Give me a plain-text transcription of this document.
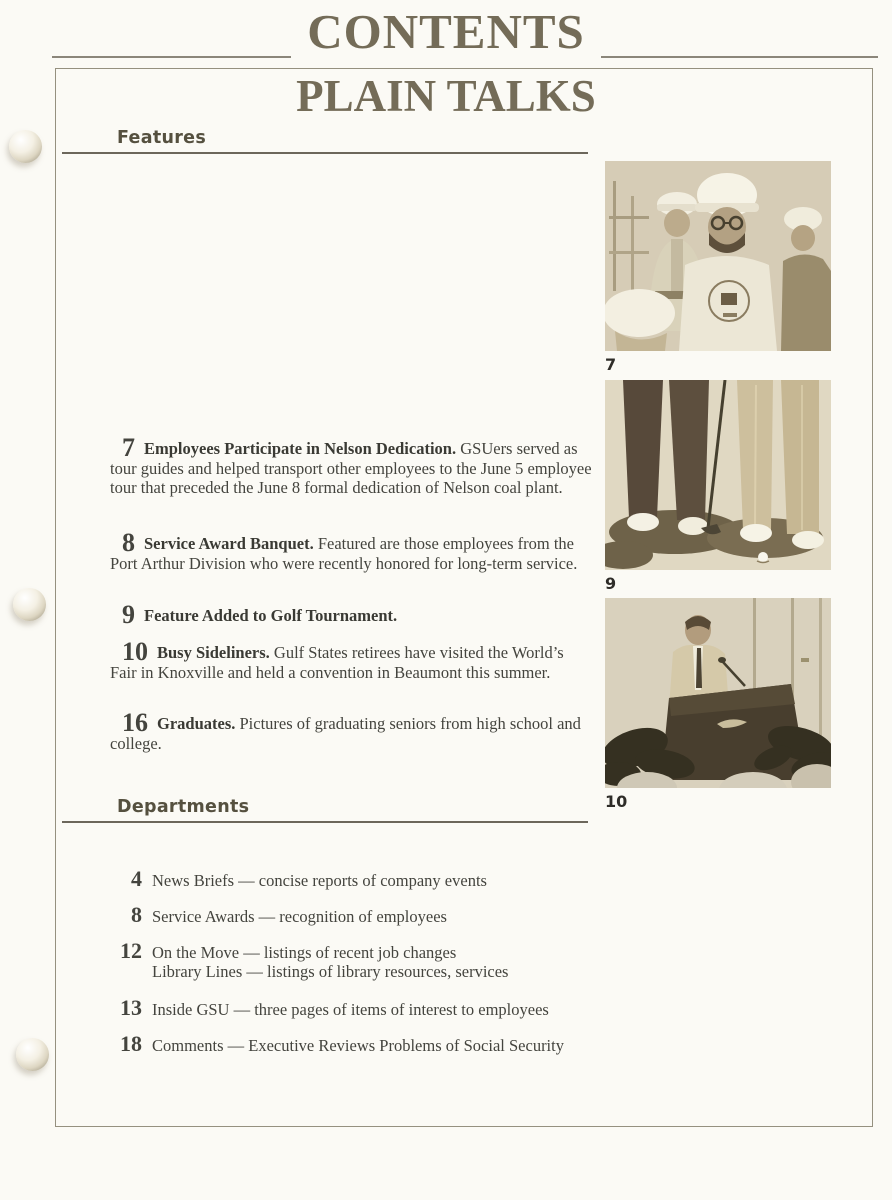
CONTENTS
PLAIN TALKS
Features

7 Employees Participate in Nelson Dedication. GSUers served as tour guides and helped transport other employees to the June 5 employee tour that preceded the June 8 formal dedication of Nelson coal plant.

8 Service Award Banquet. Featured are those employees from the Port Arthur Division who were recently honored for long-term service.

9 Feature Added to Golf Tournament.

10 Busy Sideliners. Gulf States retirees have visited the World’s Fair in Knoxville and held a convention in Beaumont this summer.

16 Graduates. Pictures of graduating seniors from high school and college.

Departments
4 News Briefs — concise reports of company events
8 Service Awards — recognition of employees
12 On the Move — listings of recent job changes
Library Lines — listings of library resources, services
13 Inside GSU — three pages of items of interest to employees
18 Comments — Executive Reviews Problems of Social Security
7
9
10
